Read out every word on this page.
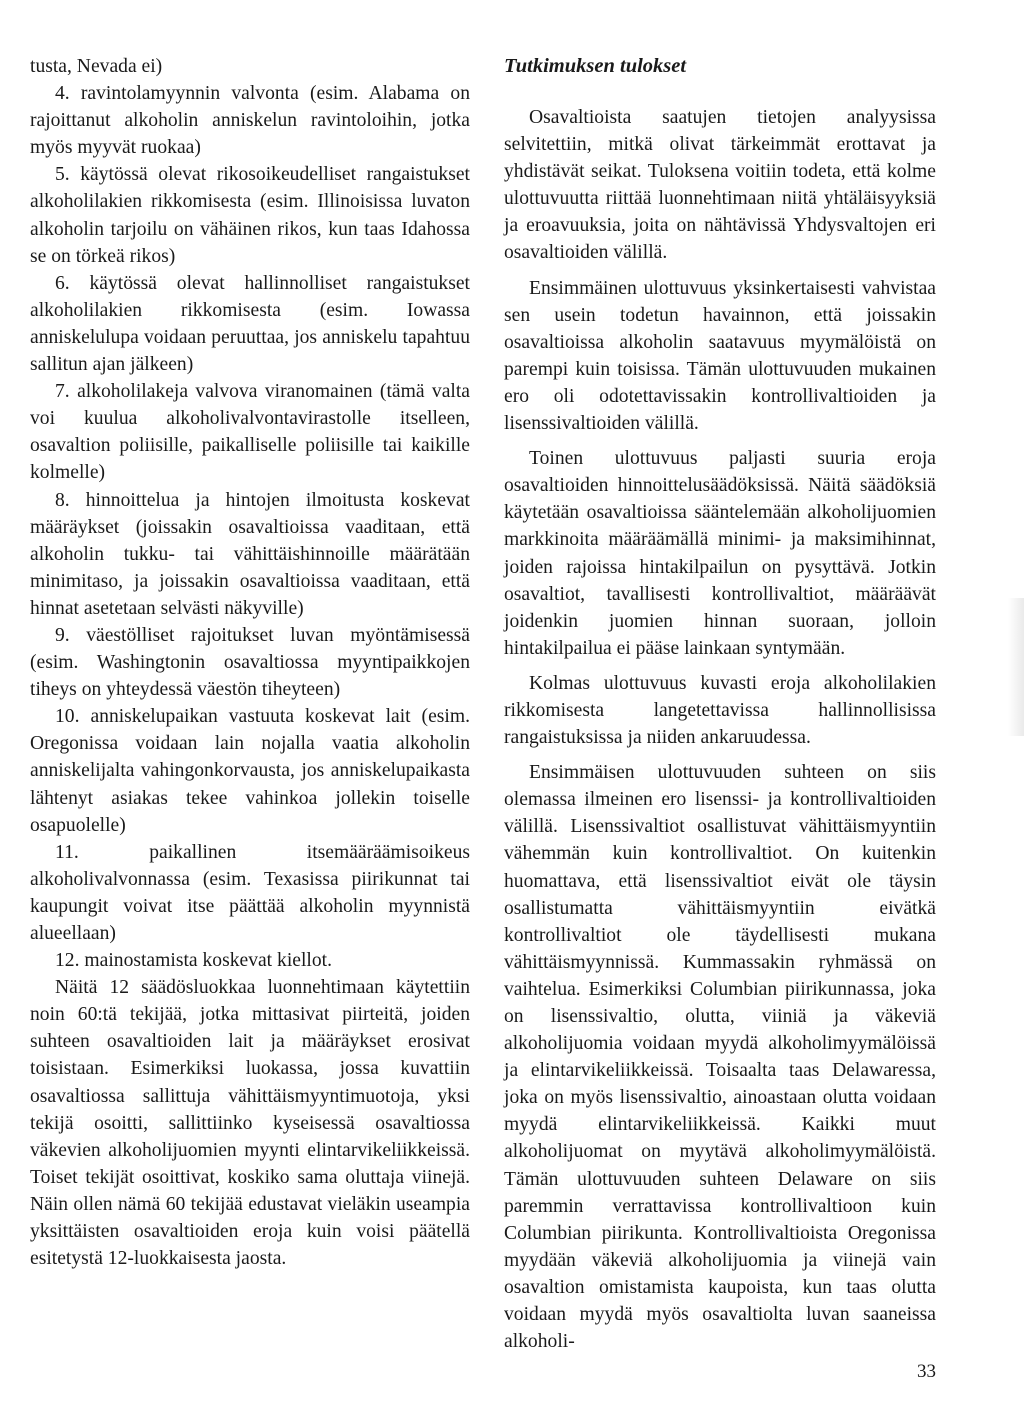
tusta, Nevada ei)

4. ravintolamyynnin valvonta (esim. Alabama on rajoittanut alkoholin anniskelun ravintoloihin, jotka myös myyvät ruokaa)

5. käytössä olevat rikosoikeudelliset rangaistukset alkoholilakien rikkomisesta (esim. Illinoisissa luvaton alkoholin tarjoilu on vähäinen rikos, kun taas Idahossa se on törkeä rikos)

6. käytössä olevat hallinnolliset rangaistukset alkoholilakien rikkomisesta (esim. Iowassa anniskelulupa voidaan peruuttaa, jos anniskelu tapahtuu sallitun ajan jälkeen)

7. alkoholilakeja valvova viranomainen (tämä valta voi kuulua alkoholivalvontavirastolle itselleen, osavaltion poliisille, paikalliselle poliisille tai kaikille kolmelle)

8. hinnoittelua ja hintojen ilmoitusta koskevat määräykset (joissakin osavaltioissa vaaditaan, että alkoholin tukku- tai vähittäishinnoille määrätään minimitaso, ja joissakin osavaltioissa vaaditaan, että hinnat asetetaan selvästi näkyville)

9. väestölliset rajoitukset luvan myöntämisessä (esim. Washingtonin osavaltiossa myyntipaikkojen tiheys on yhteydessä väestön tiheyteen)

10. anniskelupaikan vastuuta koskevat lait (esim. Oregonissa voidaan lain nojalla vaatia alkoholin anniskelijalta vahingonkorvausta, jos anniskelupaikasta lähtenyt asiakas tekee vahinkoa jollekin toiselle osapuolelle)

11. paikallinen itsemääräämisoikeus alkoholivalvonnassa (esim. Texasissa piirikunnat tai kaupungit voivat itse päättää alkoholin myynnistä alueellaan)

12. mainostamista koskevat kiellot.

Näitä 12 säädösluokkaa luonnehtimaan käytettiin noin 60:tä tekijää, jotka mittasivat piirteitä, joiden suhteen osavaltioiden lait ja määräykset erosivat toisistaan. Esimerkiksi luokassa, jossa kuvattiin osavaltiossa sallittuja vähittäismyyntimuotoja, yksi tekijä osoitti, sallittiinko kyseisessä osavaltiossa väkevien alkoholijuomien myynti elintarvikeliikkeissä. Toiset tekijät osoittivat, koskiko sama oluttaja viinejä. Näin ollen nämä 60 tekijää edustavat vieläkin useampia yksittäisten osavaltioiden eroja kuin voisi päätellä esitetystä 12-luokkaisesta jaosta.

Tutkimuksen tulokset

Osavaltioista saatujen tietojen analyysissa selvitettiin, mitkä olivat tärkeimmät erottavat ja yhdistävät seikat. Tuloksena voitiin todeta, että kolme ulottuvuutta riittää luonnehtimaan niitä yhtäläisyyksiä ja eroavuuksia, joita on nähtävissä Yhdysvaltojen eri osavaltioiden välillä.

Ensimmäinen ulottuvuus yksinkertaisesti vahvistaa sen usein todetun havainnon, että joissakin osavaltioissa alkoholin saatavuus myymälöistä on parempi kuin toisissa. Tämän ulottuvuuden mukainen ero oli odotettavissakin kontrollivaltioiden ja lisenssivaltioiden välillä.

Toinen ulottuvuus paljasti suuria eroja osavaltioiden hinnoittelusäädöksissä. Näitä säädöksiä käytetään osavaltioissa sääntelemään alkoholijuomien markkinoita määräämällä minimi- ja maksimihinnat, joiden rajoissa hintakilpailun on pysyttävä. Jotkin osavaltiot, tavallisesti kontrollivaltiot, määräävät joidenkin juomien hinnan suoraan, jolloin hintakilpailua ei pääse lainkaan syntymään.

Kolmas ulottuvuus kuvasti eroja alkoholilakien rikkomisesta langetettavissa hallinnollisissa rangaistuksissa ja niiden ankaruudessa.

Ensimmäisen ulottuvuuden suhteen on siis olemassa ilmeinen ero lisenssi- ja kontrollivaltioiden välillä. Lisenssivaltiot osallistuvat vähittäismyyntiin vähemmän kuin kontrollivaltiot. On kuitenkin huomattava, että lisenssivaltiot eivät ole täysin osallistumatta vähittäismyyntiin eivätkä kontrollivaltiot ole täydellisesti mukana vähittäismyynnissä. Kummassakin ryhmässä on vaihtelua. Esimerkiksi Columbian piirikunnassa, joka on lisenssivaltio, olutta, viiniä ja väkeviä alkoholijuomia voidaan myydä alkoholimyymälöissä ja elintarvikeliikkeissä. Toisaalta taas Delawaressa, joka on myös lisenssivaltio, ainoastaan olutta voidaan myydä elintarvikeliikkeissä. Kaikki muut alkoholijuomat on myytävä alkoholimyymälöistä. Tämän ulottuvuuden suhteen Delaware on siis paremmin verrattavissa kontrollivaltioon kuin Columbian piirikunta. Kontrollivaltioista Oregonissa myydään väkeviä alkoholijuomia ja viinejä vain osavaltion omistamista kaupoista, kun taas olutta voidaan myydä myös osavaltiolta luvan saaneissa alkoholi-

33
